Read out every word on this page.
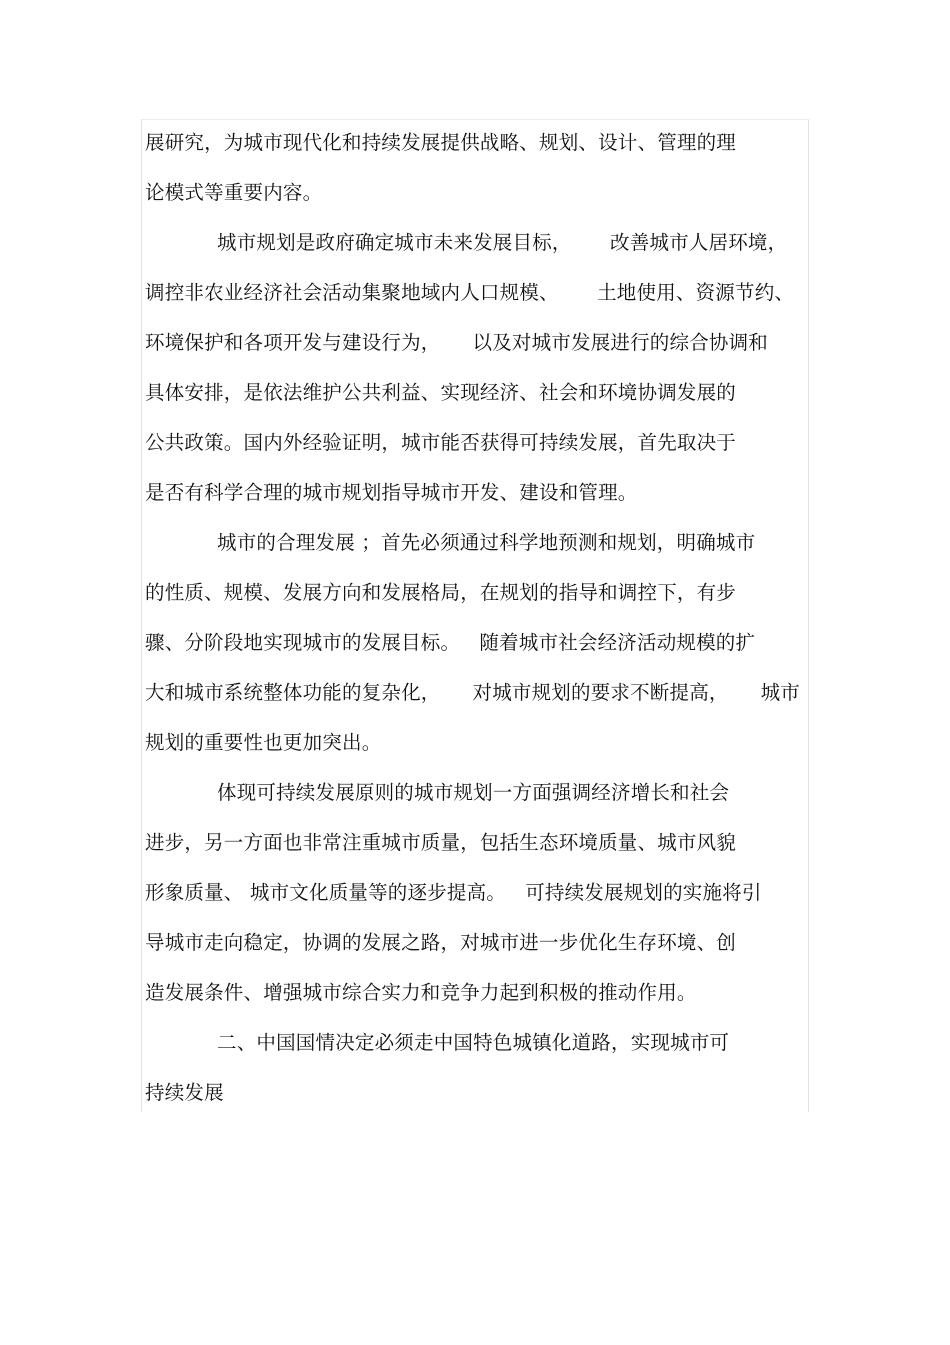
展研究，为城市现代化和持续发展提供战略、规划、设计、管理的理
论模式等重要内容。
城市规划是政府确定城市未来发展目标，      改善城市人居环境，
调控非农业经济社会活动集聚地域内人口规模、      土地使用、资源节约、
环境保护和各项开发与建设行为，     以及对城市发展进行的综合协调和
具体安排，是依法维护公共利益、实现经济、社会和环境协调发展的
公共政策。国内外经验证明，城市能否获得可持续发展，首先取决于
是否有科学合理的城市规划指导城市开发、建设和管理。
城市的合理发展 ；首先必须通过科学地预测和规划，明确城市
的性质、规模、发展方向和发展格局，在规划的指导和调控下，有步
骤、分阶段地实现城市的发展目标。   随着城市社会经济活动规模的扩
大和城市系统整体功能的复杂化，     对城市规划的要求不断提高，     城市
规划的重要性也更加突出。
体现可持续发展原则的城市规划一方面强调经济增长和社会
进步，另一方面也非常注重城市质量，包括生态环境质量、城市风貌
形象质量、 城市文化质量等的逐步提高。   可持续发展规划的实施将引
导城市走向稳定，协调的发展之路，对城市进一步优化生存环境、创
造发展条件、增强城市综合实力和竞争力起到积极的推动作用。
二、中国国情决定必须走中国特色城镇化道路，实现城市可
持续发展
